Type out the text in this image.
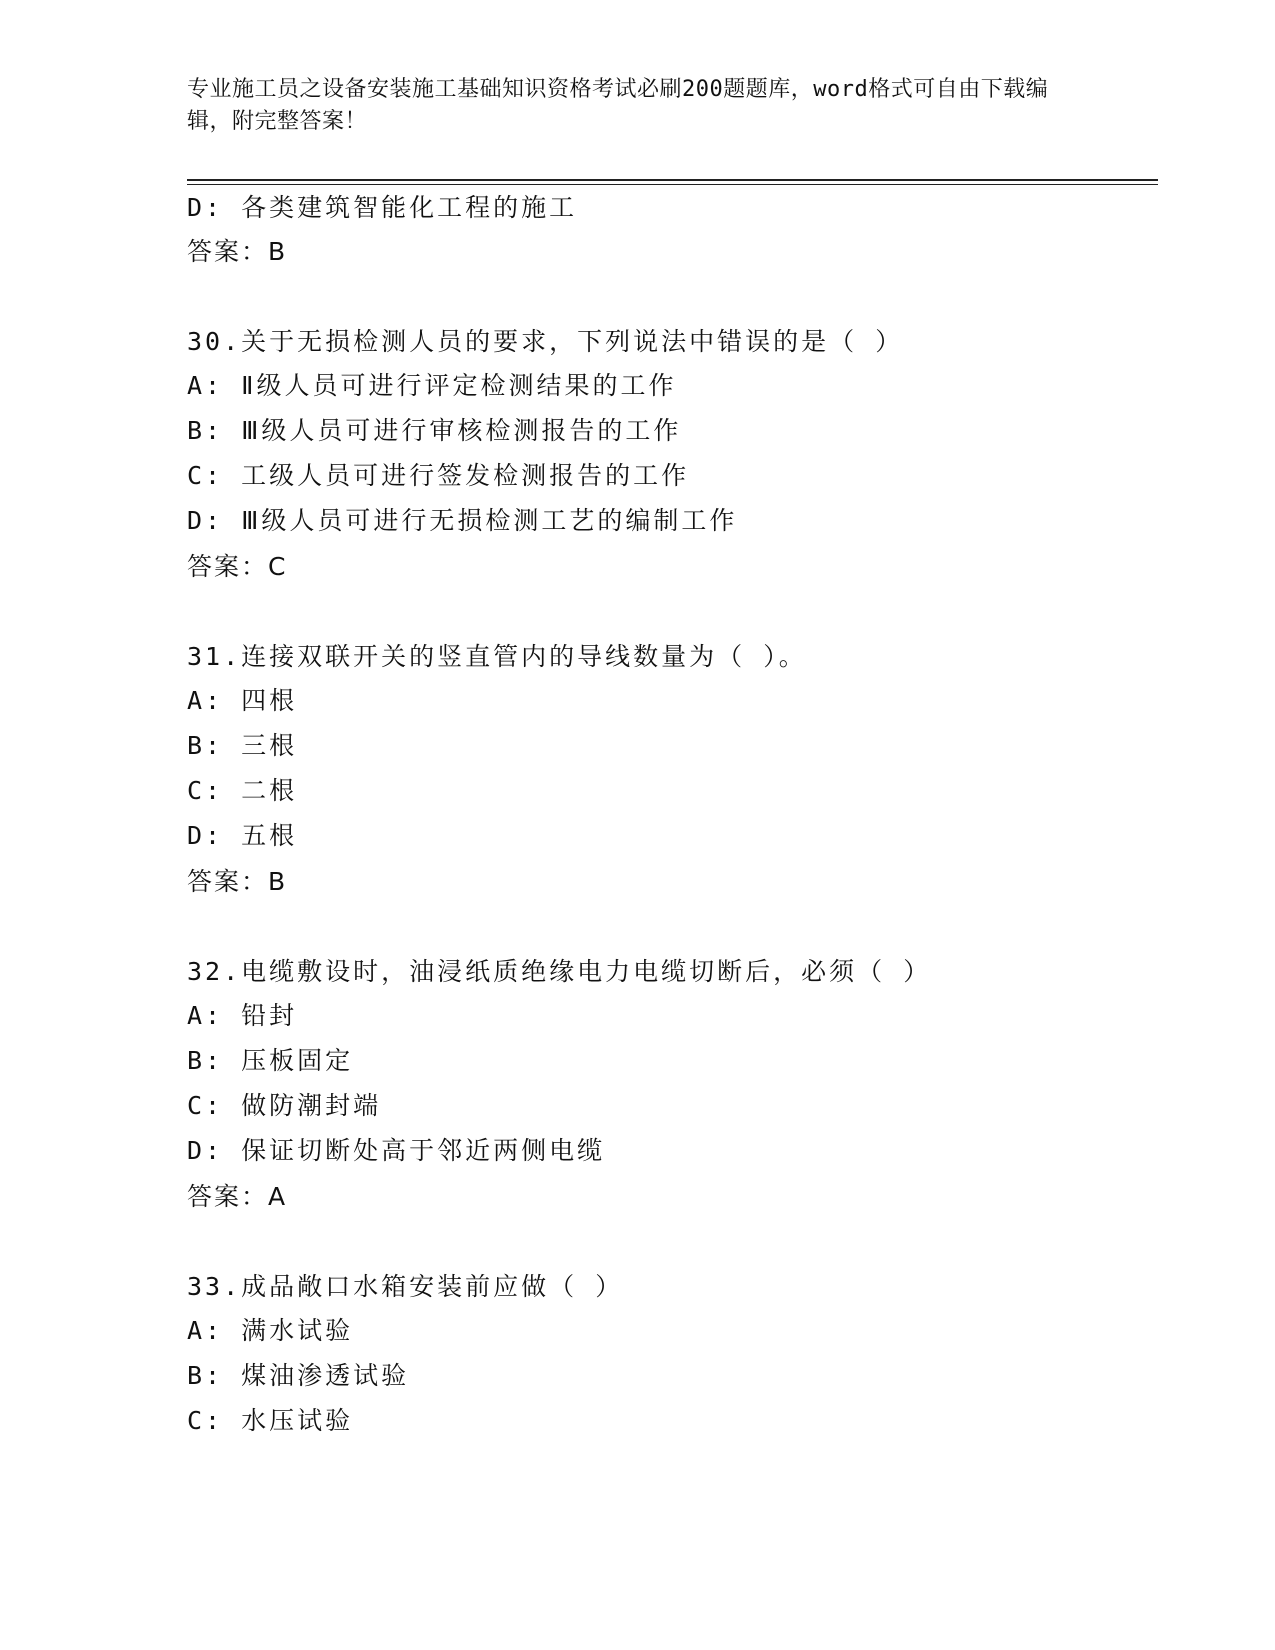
专业施工员之设备安装施工基础知识资格考试必刷200题题库，word格式可自由下载编辑，附完整答案！
D: 各类建筑智能化工程的施工
答案：B
30.关于无损检测人员的要求，下列说法中错误的是（ ）
A: Ⅱ级人员可进行评定检测结果的工作
B: Ⅲ级人员可进行审核检测报告的工作
C: 工级人员可进行签发检测报告的工作
D: Ⅲ级人员可进行无损检测工艺的编制工作
答案：C
31.连接双联开关的竖直管内的导线数量为（ ）。
A: 四根
B: 三根
C: 二根
D: 五根
答案：B
32.电缆敷设时，油浸纸质绝缘电力电缆切断后，必须（ ）
A: 铅封
B: 压板固定
C: 做防潮封端
D: 保证切断处高于邻近两侧电缆
答案：A
33.成品敞口水箱安装前应做（ ）
A: 满水试验
B: 煤油渗透试验
C: 水压试验
